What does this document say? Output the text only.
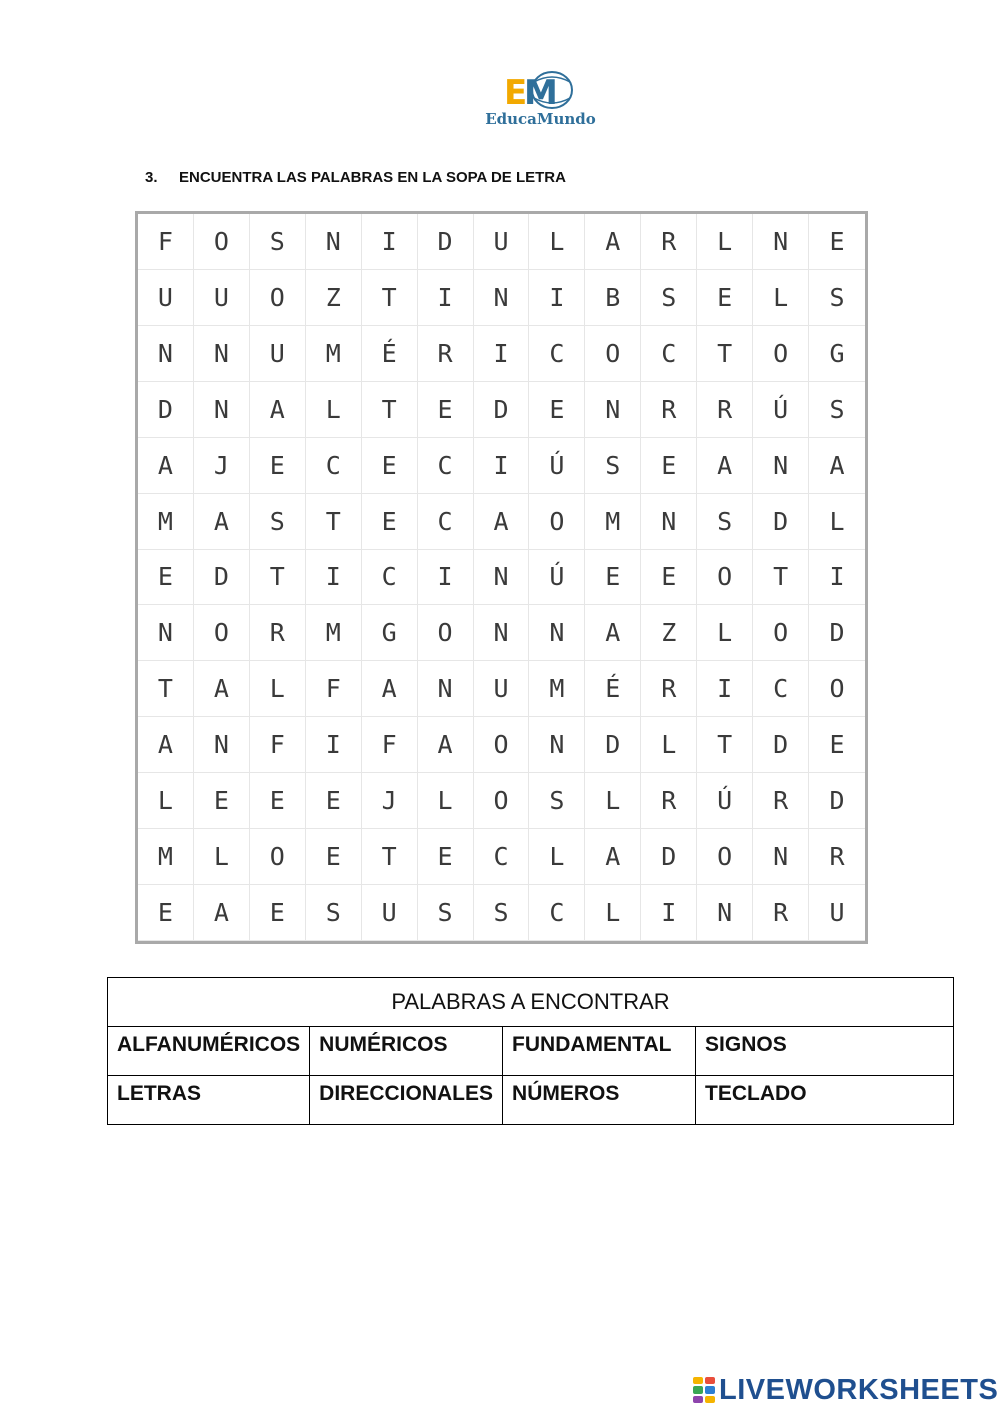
E
M
EducaMundo
3.	ENCUENTRA LAS PALABRAS EN LA SOPA DE LETRA
F	O	S	N	I	D	U	L	A	R	L	N	E
U	U	O	Z	T	I	N	I	B	S	E	L	S
N	N	U	M	É	R	I	C	O	C	T	O	G
D	N	A	L	T	E	D	E	N	R	R	Ú	S
A	J	E	C	E	C	I	Ú	S	E	A	N	A
M	A	S	T	E	C	A	O	M	N	S	D	L
E	D	T	I	C	I	N	Ú	E	E	O	T	I
N	O	R	M	G	O	N	N	A	Z	L	O	D
T	A	L	F	A	N	U	M	É	R	I	C	O
A	N	F	I	F	A	O	N	D	L	T	D	E
L	E	E	E	J	L	O	S	L	R	Ú	R	D
M	L	O	E	T	E	C	L	A	D	O	N	R
E	A	E	S	U	S	S	C	L	I	N	R	U
PALABRAS A ENCONTRAR			
ALFANUMÉRICOS	NUMÉRICOS	FUNDAMENTAL	SIGNOS
LETRAS	DIRECCIONALES	NÚMEROS	TECLADO
LIVEWORKSHEETS
